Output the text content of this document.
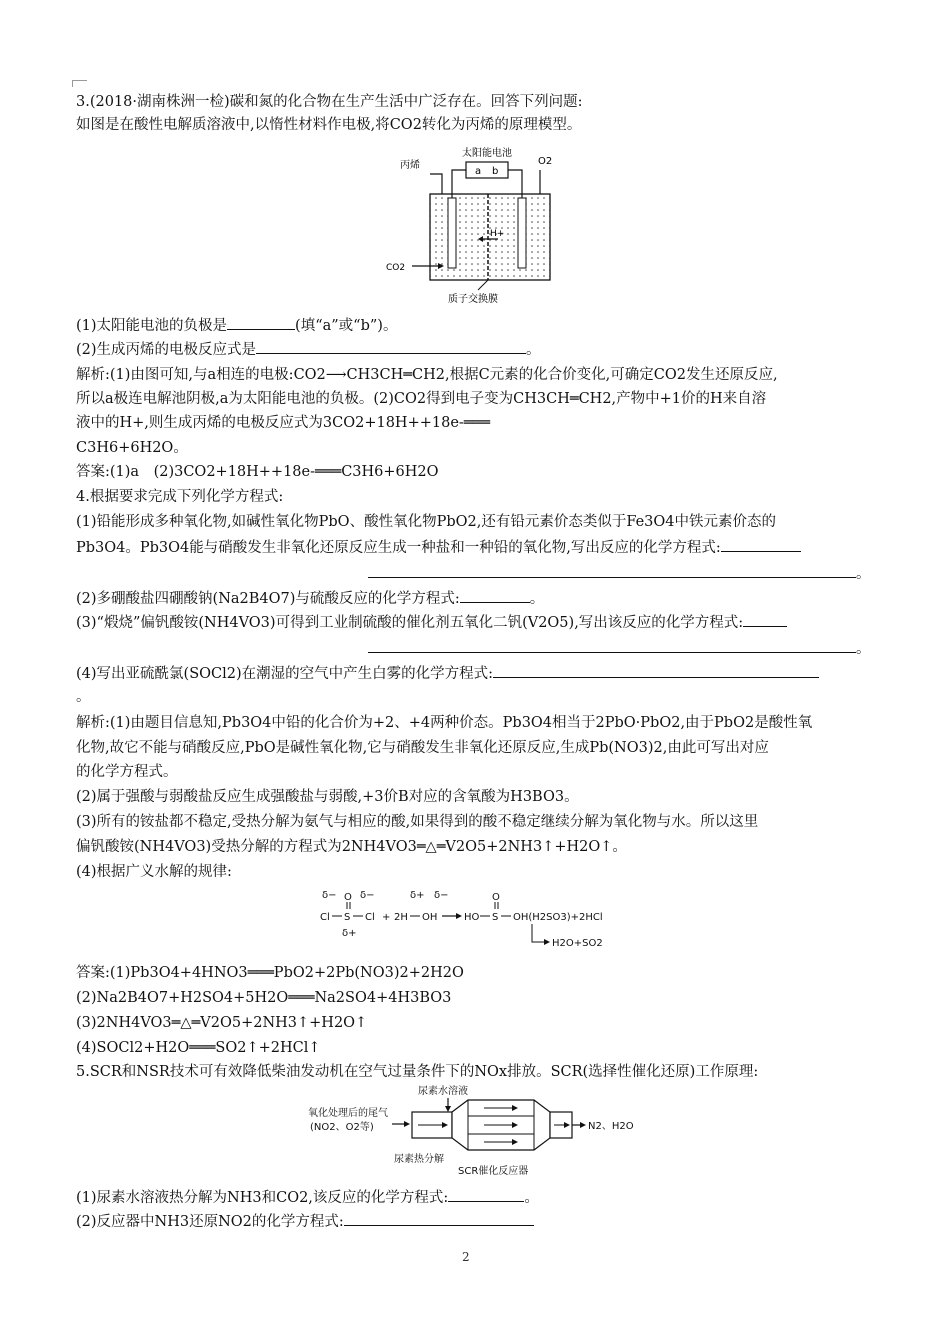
3.(2018·湖南株洲一检)碳和氮的化合物在生产生活中广泛存在。回答下列问题:
如图是在酸性电解质溶液中,以惰性材料作电极,将CO2转化为丙烯的原理模型。
太阳能电池
a b
丙烯	O2
H+
CO2
质子交换膜
(1)太阳能电池的负极是	(填“a”或“b”)。
(2)生成丙烯的电极反应式是	。
解析:(1)由图可知,与a相连的电极:CO2⟶CH3CH═CH2,根据C元素的化合价变化,可确定CO2发生还原反应,
所以a极连电解池阴极,a为太阳能电池的负极。(2)CO2得到电子变为CH3CH═CH2,产物中+1价的H来自溶
液中的H+,则生成丙烯的电极反应式为3CO2+18H++18e-═══
C3H6+6H2O。
答案:(1)a　(2)3CO2+18H++18e-═══C3H6+6H2O
4.根据要求完成下列化学方程式:
(1)铅能形成多种氧化物,如碱性氧化物PbO、酸性氧化物PbO2,还有铅元素价态类似于Fe3O4中铁元素价态的
Pb3O4。Pb3O4能与硝酸发生非氧化还原反应生成一种盐和一种铅的氧化物,写出反应的化学方程式:
。
(2)多硼酸盐四硼酸钠(Na2B4O7)与硫酸反应的化学方程式:	。
(3)“煅烧”偏钒酸铵(NH4VO3)可得到工业制硫酸的催化剂五氧化二钒(V2O5),写出该反应的化学方程式:
。
(4)写出亚硫酰氯(SOCl2)在潮湿的空气中产生白雾的化学方程式:
。
解析:(1)由题目信息知,Pb3O4中铅的化合价为+2、+4两种价态。Pb3O4相当于2PbO·PbO2,由于PbO2是酸性氧
化物,故它不能与硝酸反应,PbO是碱性氧化物,它与硝酸发生非氧化还原反应,生成Pb(NO3)2,由此可写出对应
的化学方程式。
(2)属于强酸与弱酸盐反应生成强酸盐与弱酸,+3价B对应的含氧酸为H3BO3。
(3)所有的铵盐都不稳定,受热分解为氨气与相应的酸,如果得到的酸不稳定继续分解为氧化物与水。所以这里
偏钒酸铵(NH4VO3)受热分解的方程式为2NH4VO3═△═V2O5+2NH3↑+H2O↑。
(4)根据广义水解的规律:
δ− δ−	δ+ δ−
O
Cl S Cl
δ+
+ 2H OH	HO
O
S OH(H2SO3)+2HCl
H2O+SO2
答案:(1)Pb3O4+4HNO3═══PbO2+2Pb(NO3)2+2H2O
(2)Na2B4O7+H2SO4+5H2O═══Na2SO4+4H3BO3
(3)2NH4VO3═△═V2O5+2NH3↑+H2O↑
(4)SOCl2+H2O═══SO2↑+2HCl↑
5.SCR和NSR技术可有效降低柴油发动机在空气过量条件下的NOx排放。SCR(选择性催化还原)工作原理:
尿素水溶液
氧化处理后的尾气
(NO2、O2等)	N2、H2O
尿素热分解
SCR催化反应器
(1)尿素水溶液热分解为NH3和CO2,该反应的化学方程式:	。
(2)反应器中NH3还原NO2的化学方程式:
2
